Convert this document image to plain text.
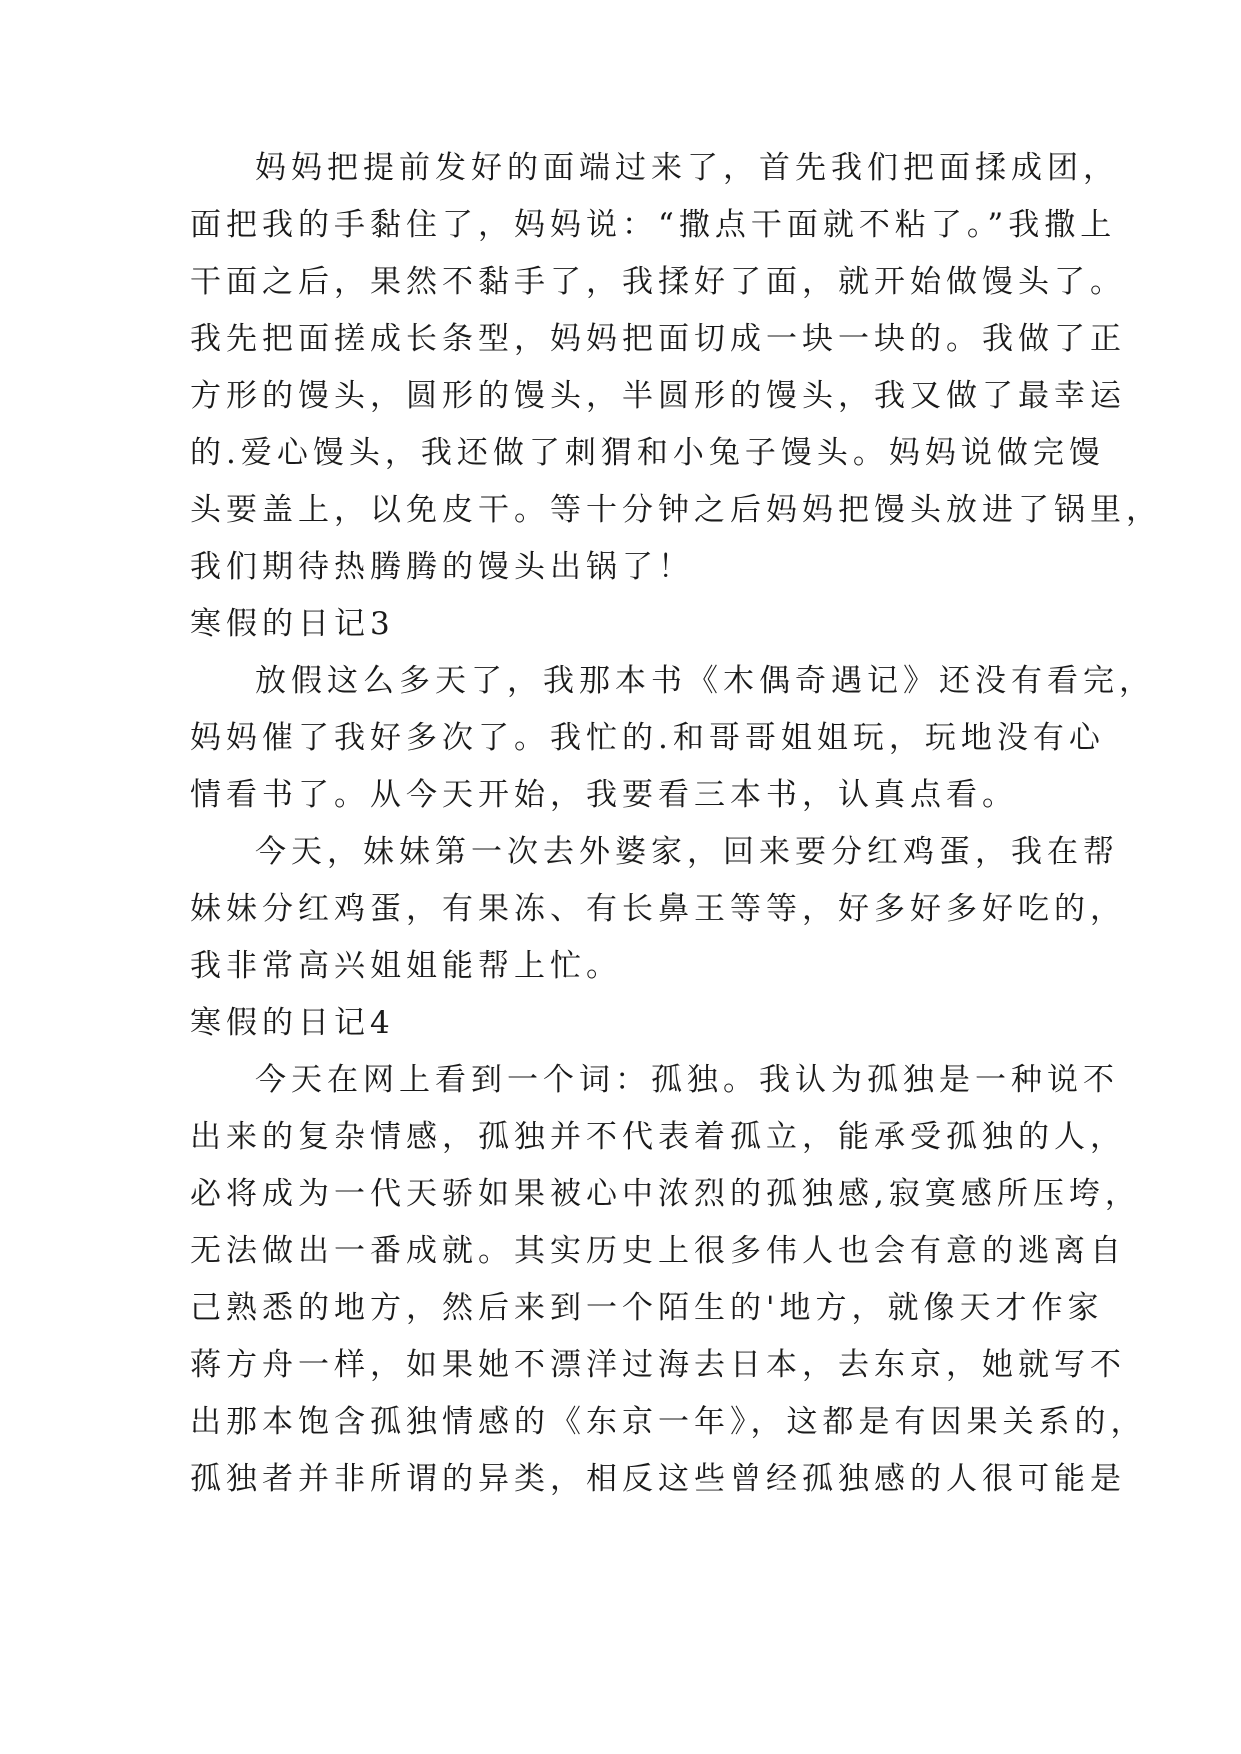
妈妈把提前发好的面端过来了，首先我们把面揉成团，
面把我的手黏住了，妈妈说：“撒点干面就不粘了。”我撒上
干面之后，果然不黏手了，我揉好了面，就开始做馒头了。
我先把面搓成长条型，妈妈把面切成一块一块的。我做了正
方形的馒头，圆形的馒头，半圆形的馒头，我又做了最幸运
的.爱心馒头，我还做了刺猬和小兔子馒头。妈妈说做完馒
头要盖上，以免皮干。等十分钟之后妈妈把馒头放进了锅里，
我们期待热腾腾的馒头出锅了！
寒假的日记3
放假这么多天了，我那本书《木偶奇遇记》还没有看完，
妈妈催了我好多次了。我忙的.和哥哥姐姐玩，玩地没有心
情看书了。从今天开始，我要看三本书，认真点看。
今天，妹妹第一次去外婆家，回来要分红鸡蛋，我在帮
妹妹分红鸡蛋，有果冻、有长鼻王等等，好多好多好吃的，
我非常高兴姐姐能帮上忙。
寒假的日记4
今天在网上看到一个词：孤独。我认为孤独是一种说不
出来的复杂情感，孤独并不代表着孤立，能承受孤独的人，
必将成为一代天骄如果被心中浓烈的孤独感,寂寞感所压垮，
无法做出一番成就。其实历史上很多伟人也会有意的逃离自
己熟悉的地方，然后来到一个陌生的'地方，就像天才作家
蒋方舟一样，如果她不漂洋过海去日本，去东京，她就写不
出那本饱含孤独情感的《东京一年》，这都是有因果关系的，
孤独者并非所谓的异类，相反这些曾经孤独感的人很可能是
